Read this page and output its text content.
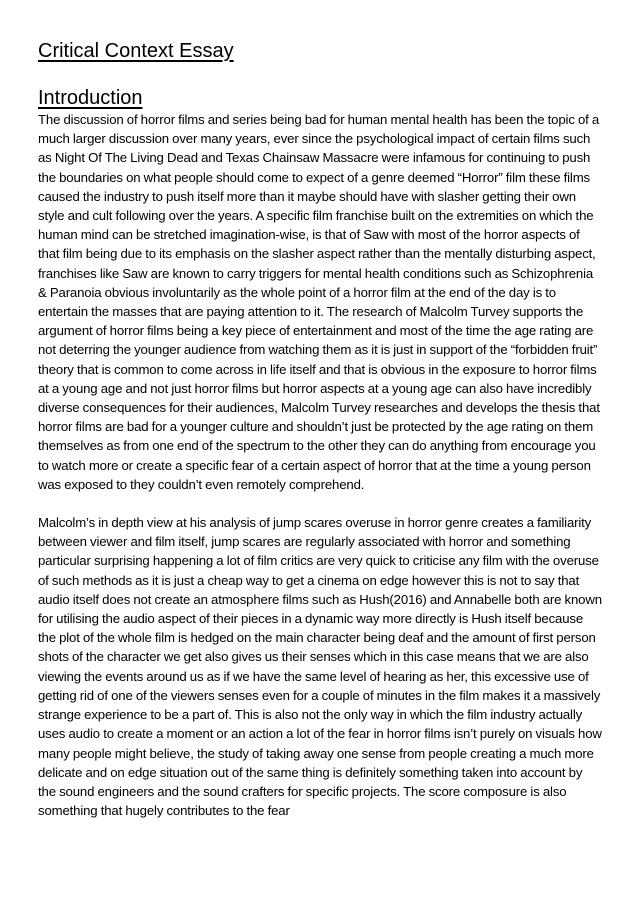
Critical Context Essay
Introduction

The discussion of horror films and series being bad for human mental health has been the topic of a much larger discussion over many years, ever since the psychological impact of certain films such as Night Of The Living Dead and Texas Chainsaw Massacre were infamous for continuing to push the boundaries on what people should come to expect of a genre deemed “Horror” film these films caused the industry to push itself more than it maybe should have with slasher getting their own style and cult following over the years. A specific film franchise built on the extremities on which the human mind can be stretched imagination-wise, is that of Saw with most of the horror aspects of that film being due to its emphasis on the slasher aspect rather than the mentally disturbing aspect, franchises like Saw are known to carry triggers for mental health conditions such as Schizophrenia & Paranoia obvious involuntarily as the whole point of a horror film at the end of the day is to entertain the masses that are paying attention to it. The research of Malcolm Turvey supports the argument of horror films being a key piece of entertainment and most of the time the age rating are not deterring the younger audience from watching them as it is just in support of the “forbidden fruit” theory that is common to come across in life itself and that is obvious in the exposure to horror films at a young age and not just horror films but horror aspects at a young age can also have incredibly diverse consequences for their audiences, Malcolm Turvey researches and develops the thesis that horror films are bad for a younger culture and shouldn’t just be protected by the age rating on them themselves as from one end of the spectrum to the other they can do anything from encourage you to watch more or create a specific fear of a certain aspect of horror that at the time a young person was exposed to they couldn’t even remotely comprehend.

Malcolm’s in depth view at his analysis of jump scares overuse in horror genre creates a familiarity between viewer and film itself, jump scares are regularly associated with horror and something particular surprising happening a lot of film critics are very quick to criticise any film with the overuse of such methods as it is just a cheap way to get a cinema on edge however this is not to say that audio itself does not create an atmosphere films such as Hush(2016) and Annabelle both are known for utilising the audio aspect of their pieces in a dynamic way more directly is Hush itself because the plot of the whole film is hedged on the main character being deaf and the amount of first person shots of the character we get also gives us their senses which in this case means that we are also viewing the events around us as if we have the same level of hearing as her, this excessive use of getting rid of one of the viewers senses even for a couple of minutes in the film makes it a massively strange experience to be a part of. This is also not the only way in which the film industry actually uses audio to create a moment or an action a lot of the fear in horror films isn’t purely on visuals how many people might believe, the study of taking away one sense from people creating a much more delicate and on edge situation out of the same thing is definitely something taken into account by the sound engineers and the sound crafters for specific projects. The score composure is also something that hugely contributes to the fear
